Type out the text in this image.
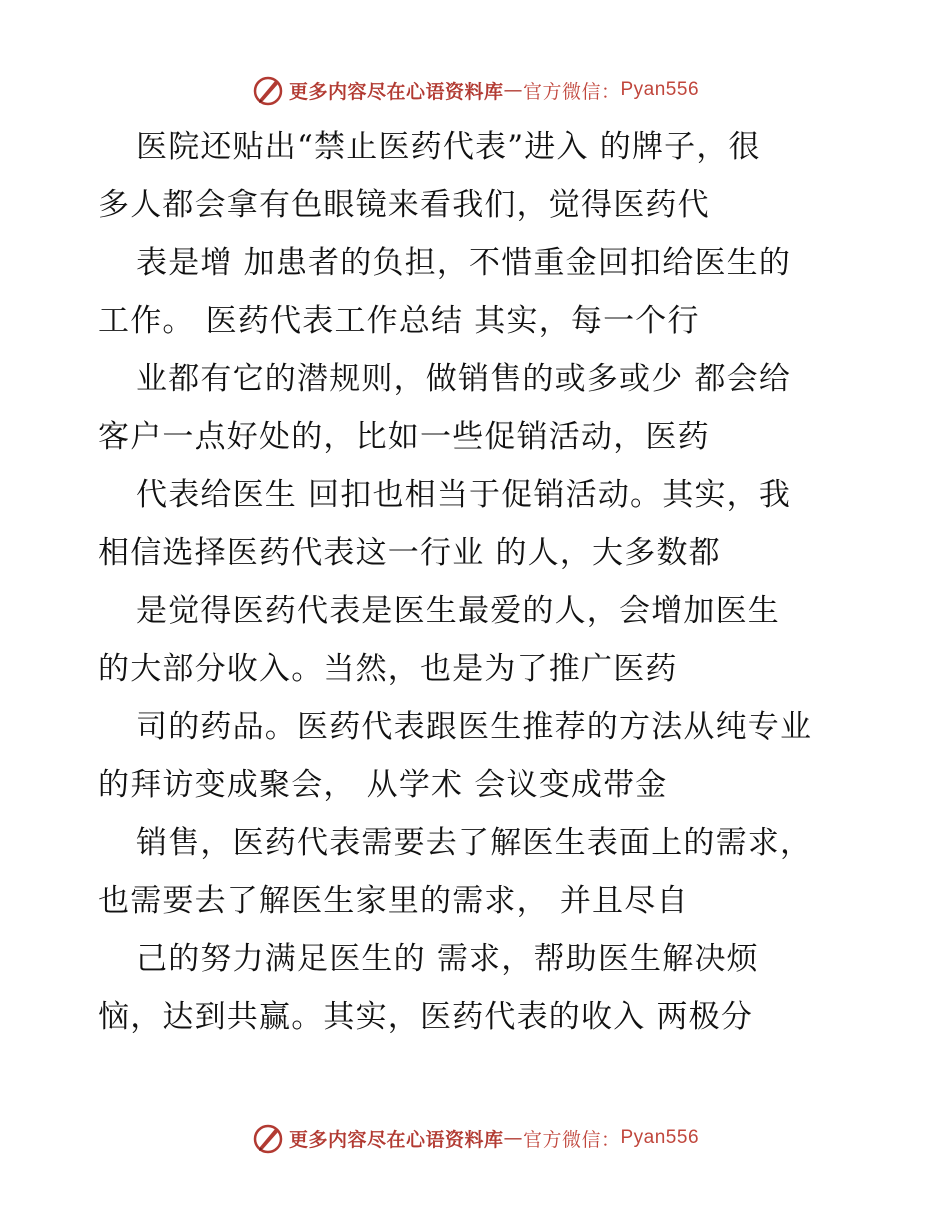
更多内容尽在心语资料库 — 官方微信： Pyan556
医院还贴出“禁止医药代表”进入 的牌子，很
多人都会拿有色眼镜来看我们，觉得医药代
表是增 加患者的负担，不惜重金回扣给医生的
工作。 医药代表工作总结 其实，每一个行
业都有它的潜规则，做销售的或多或少 都会给
客户一点好处的，比如一些促销活动，医药
代表给医生 回扣也相当于促销活动。其实，我
相信选择医药代表这一行业 的人，大多数都
是觉得医药代表是医生最爱的人，会增加医生
的大部分收入。当然，也是为了推广医药
司的药品。医药代表跟医生推荐的方法从纯专业
的拜访变成聚会， 从学术 会议变成带金
销售，医药代表需要去了解医生表面上的需求，
也需要去了解医生家里的需求， 并且尽自
己的努力满足医生的 需求，帮助医生解决烦
恼，达到共赢。其实，医药代表的收入 两极分
更多内容尽在心语资料库 — 官方微信： Pyan556
